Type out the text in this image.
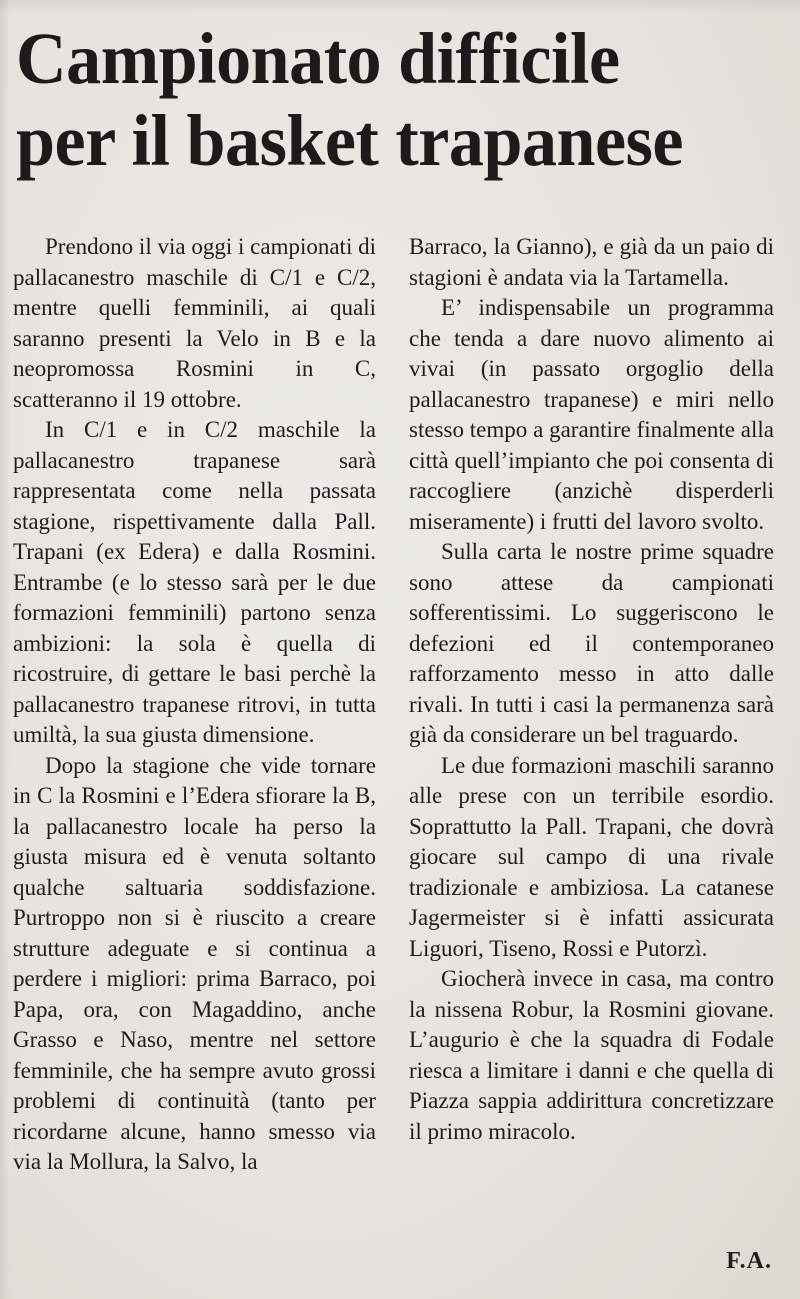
Campionato difficile
per il basket trapanese

Prendono il via oggi i campionati di pallacanestro maschile di C/1 e C/2, mentre quelli femminili, ai quali saranno presenti la Velo in B e la neopromossa Rosmini in C, scatteranno il 19 ottobre.

In C/1 e in C/2 maschile la pallacanestro trapanese sarà rappresentata come nella passata stagione, rispettivamente dalla Pall. Trapani (ex Edera) e dalla Rosmini. Entrambe (e lo stesso sarà per le due formazioni femminili) partono senza ambizioni: la sola è quella di ricostruire, di gettare le basi perchè la pallacanestro trapanese ritrovi, in tutta umiltà, la sua giusta dimensione.

Dopo la stagione che vide tornare in C la Rosmini e l’Edera sfiorare la B, la pallacanestro locale ha perso la giusta misura ed è venuta soltanto qualche saltuaria soddisfazione. Purtroppo non si è riuscito a creare strutture adeguate e si continua a perdere i migliori: prima Barraco, poi Papa, ora, con Magaddino, anche Grasso e Naso, mentre nel settore femminile, che ha sempre avuto grossi problemi di continuità (tanto per ricordarne alcune, hanno smesso via via la Mollura, la Salvo, la

Barraco, la Gianno), e già da un paio di stagioni è andata via la Tartamella.

E’ indispensabile un programma che tenda a dare nuovo alimento ai vivai (in passato orgoglio della pallacanestro trapanese) e miri nello stesso tempo a garantire finalmente alla città quell’impianto che poi consenta di raccogliere (anzichè disperderli miseramente) i frutti del lavoro svolto.

Sulla carta le nostre prime squadre sono attese da campionati sofferentissimi. Lo suggeriscono le defezioni ed il contemporaneo rafforzamento messo in atto dalle rivali. In tutti i casi la permanenza sarà già da considerare un bel traguardo.

Le due formazioni maschili saranno alle prese con un terribile esordio. Soprattutto la Pall. Trapani, che dovrà giocare sul campo di una rivale tradizionale e ambiziosa. La catanese Jagermeister si è infatti assicurata Liguori, Tiseno, Rossi e Putorzì.

Giocherà invece in casa, ma contro la nissena Robur, la Rosmini giovane. L’augurio è che la squadra di Fodale riesca a limitare i danni e che quella di Piazza sappia addirittura concretizzare il primo miracolo.

F.A.
